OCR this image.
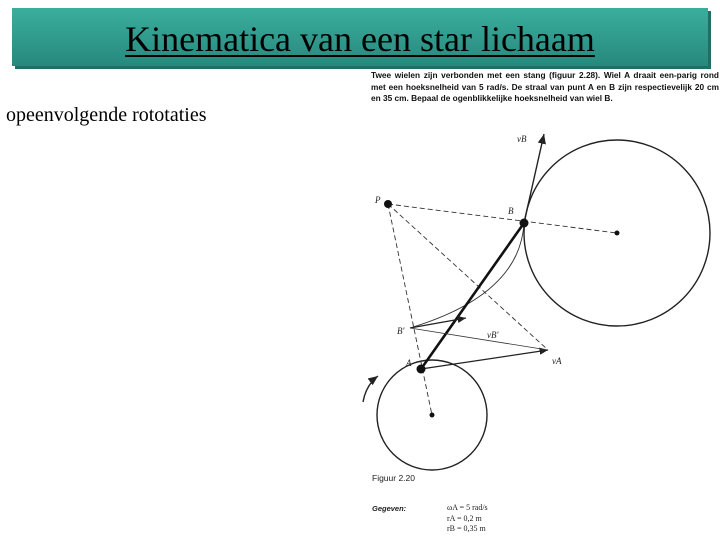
Kinematica van een star lichaam
opeenvolgende rototaties
Twee wielen zijn verbonden met een stang (figuur 2.28). Wiel A draait een-parig rond met een hoeksnelheid van 5 rad/s. De straal van punt A en B zijn respectievelijk 20 cm en 35 cm. Bepaal de ogenblikkelijke hoeksnelheid van wiel B.
P
B
A
B'
vB
vA
vB'
Figuur 2.20
Gegeven:	ωA = 5 rad/s
rA = 0,2 m
rB = 0,35 m
